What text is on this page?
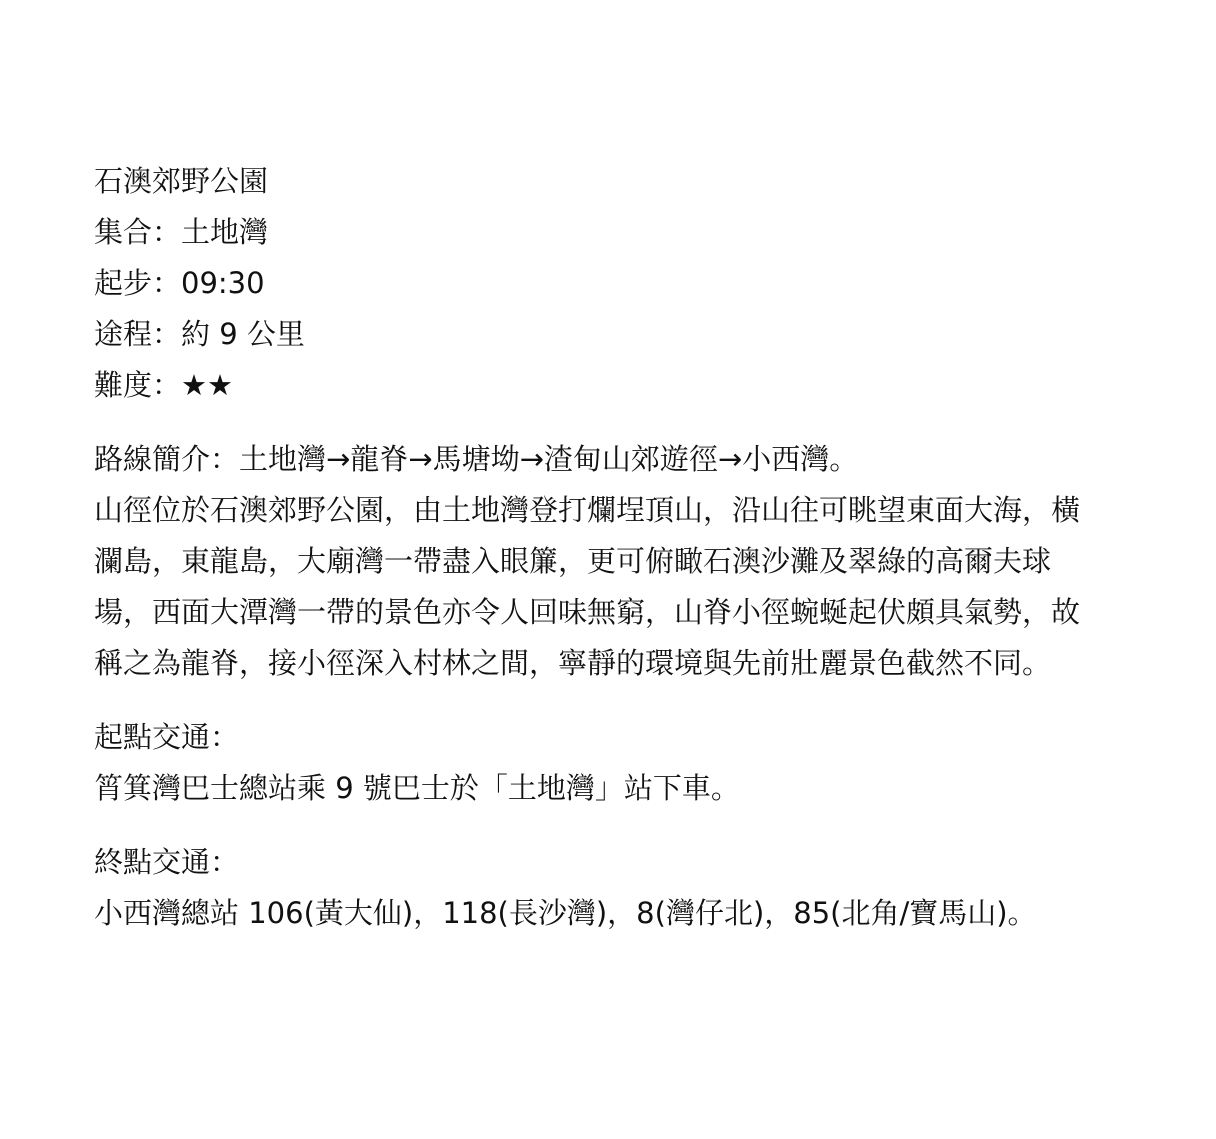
石澳郊野公園

集合：土地灣

起步：09:30

途程：約 9 公里

難度：★★

路線簡介：土地灣→龍脊→馬塘坳→渣甸山郊遊徑→小西灣。

山徑位於石澳郊野公園，由土地灣登打爛埕頂山，沿山往可眺望東面大海，橫瀾島，東龍島，大廟灣一帶盡入眼簾，更可俯瞰石澳沙灘及翠綠的高爾夫球場，西面大潭灣一帶的景色亦令人回味無窮，山脊小徑蜿蜒起伏頗具氣勢，故稱之為龍脊，接小徑深入村林之間，寧靜的環境與先前壯麗景色截然不同。

起點交通：

筲箕灣巴士總站乘 9 號巴士於「土地灣」站下車。

終點交通：

小西灣總站 106(黃大仙)，118(長沙灣)，8(灣仔北)，85(北角/寶馬山)。
